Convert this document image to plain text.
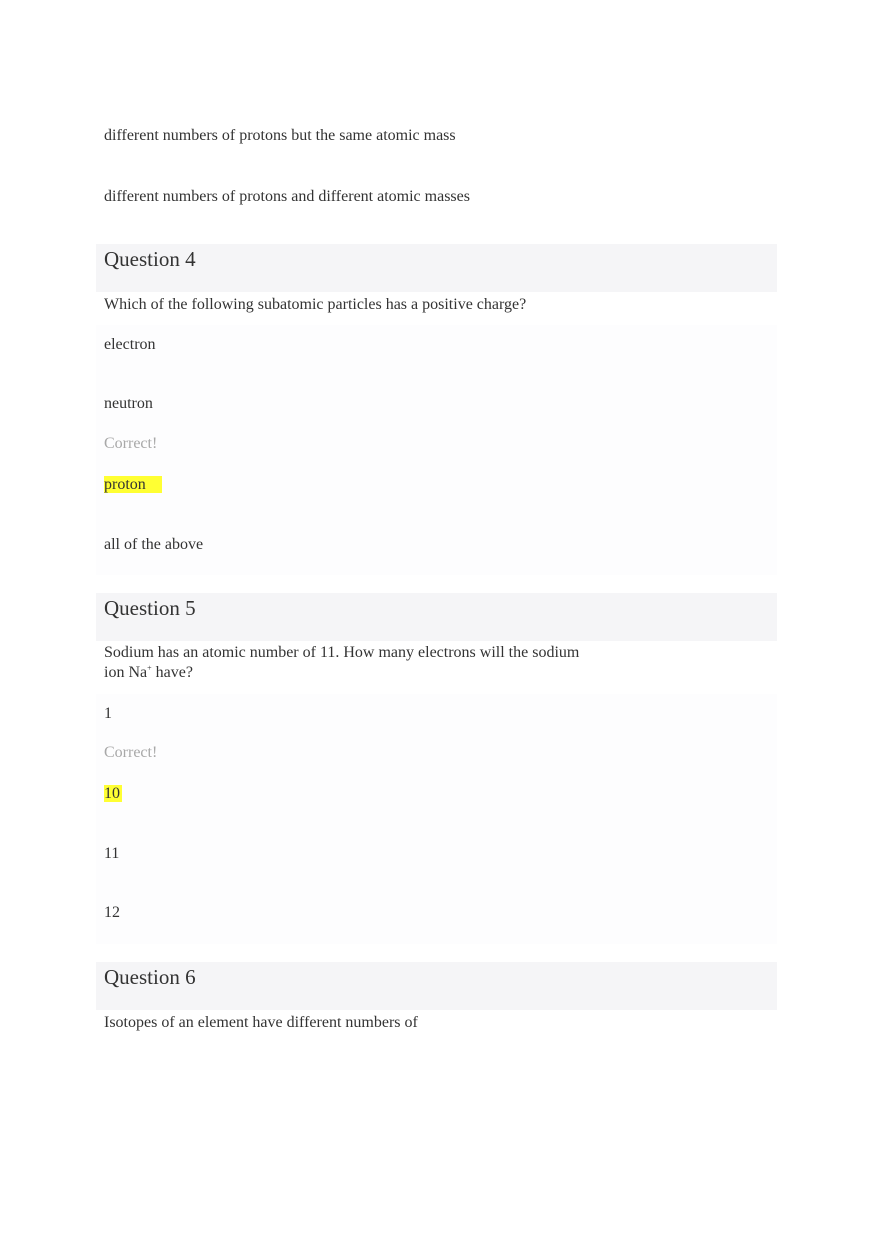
different numbers of protons but the same atomic mass
different numbers of protons and different atomic masses
Question 4
Which of the following subatomic particles has a positive charge?
electron
neutron
Correct!
proton
all of the above
Question 5
Sodium has an atomic number of 11. How many electrons will the sodium
ion Na+ have?
1
Correct!
10
11
12
Question 6
Isotopes of an element have different numbers of
